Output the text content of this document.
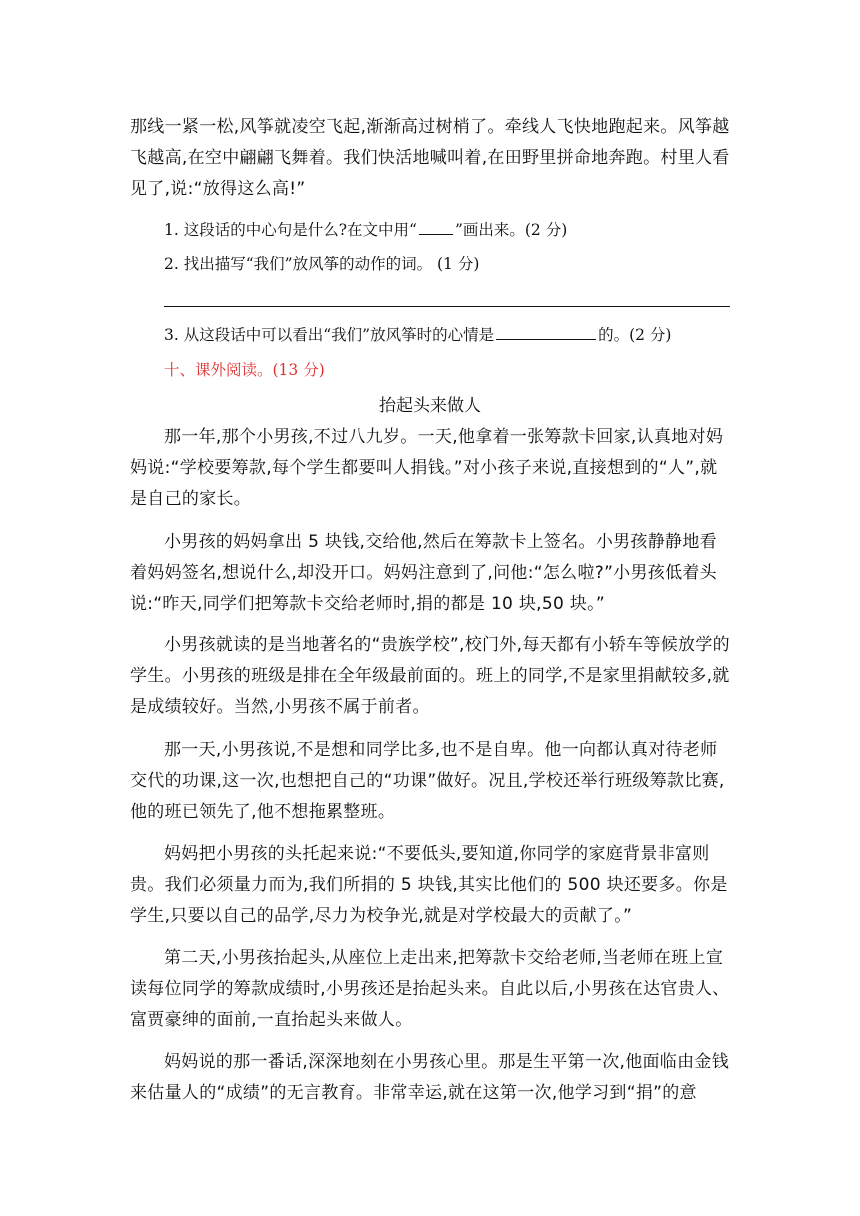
那线一紧一松,风筝就凌空飞起,渐渐高过树梢了。牵线人飞快地跑起来。风筝越飞越高,在空中翩翩飞舞着。我们快活地喊叫着,在田野里拼命地奔跑。村里人看见了,说:“放得这么高!”

1. 这段话的中心句是什么?在文中用“ ”画出来。(2 分)

2. 找出描写“我们”放风筝的动作的词。 (1 分)

3. 从这段话中可以看出“我们”放风筝时的心情是	的。(2 分)

十、课外阅读。(13 分)

抬起头来做人

那一年,那个小男孩,不过八九岁。一天,他拿着一张筹款卡回家,认真地对妈妈说:“学校要筹款,每个学生都要叫人捐钱。”对小孩子来说,直接想到的“人”,就是自己的家长。

小男孩的妈妈拿出 5 块钱,交给他,然后在筹款卡上签名。小男孩静静地看着妈妈签名,想说什么,却没开口。妈妈注意到了,问他:“怎么啦?”小男孩低着头说:“昨天,同学们把筹款卡交给老师时,捐的都是 10 块,50 块。”

小男孩就读的是当地著名的“贵族学校”,校门外,每天都有小轿车等候放学的学生。小男孩的班级是排在全年级最前面的。班上的同学,不是家里捐献较多,就是成绩较好。当然,小男孩不属于前者。

那一天,小男孩说,不是想和同学比多,也不是自卑。他一向都认真对待老师交代的功课,这一次,也想把自己的“功课”做好。况且,学校还举行班级筹款比赛,他的班已领先了,他不想拖累整班。

妈妈把小男孩的头托起来说:“不要低头,要知道,你同学的家庭背景非富则贵。我们必须量力而为,我们所捐的 5 块钱,其实比他们的 500 块还要多。你是学生,只要以自己的品学,尽力为校争光,就是对学校最大的贡献了。”

第二天,小男孩抬起头,从座位上走出来,把筹款卡交给老师,当老师在班上宣读每位同学的筹款成绩时,小男孩还是抬起头来。自此以后,小男孩在达官贵人、富贾豪绅的面前,一直抬起头来做人。

妈妈说的那一番话,深深地刻在小男孩心里。那是生平第一次,他面临由金钱来估量人的“成绩”的无言教育。非常幸运,就在这第一次,他学习到“捐”的意
